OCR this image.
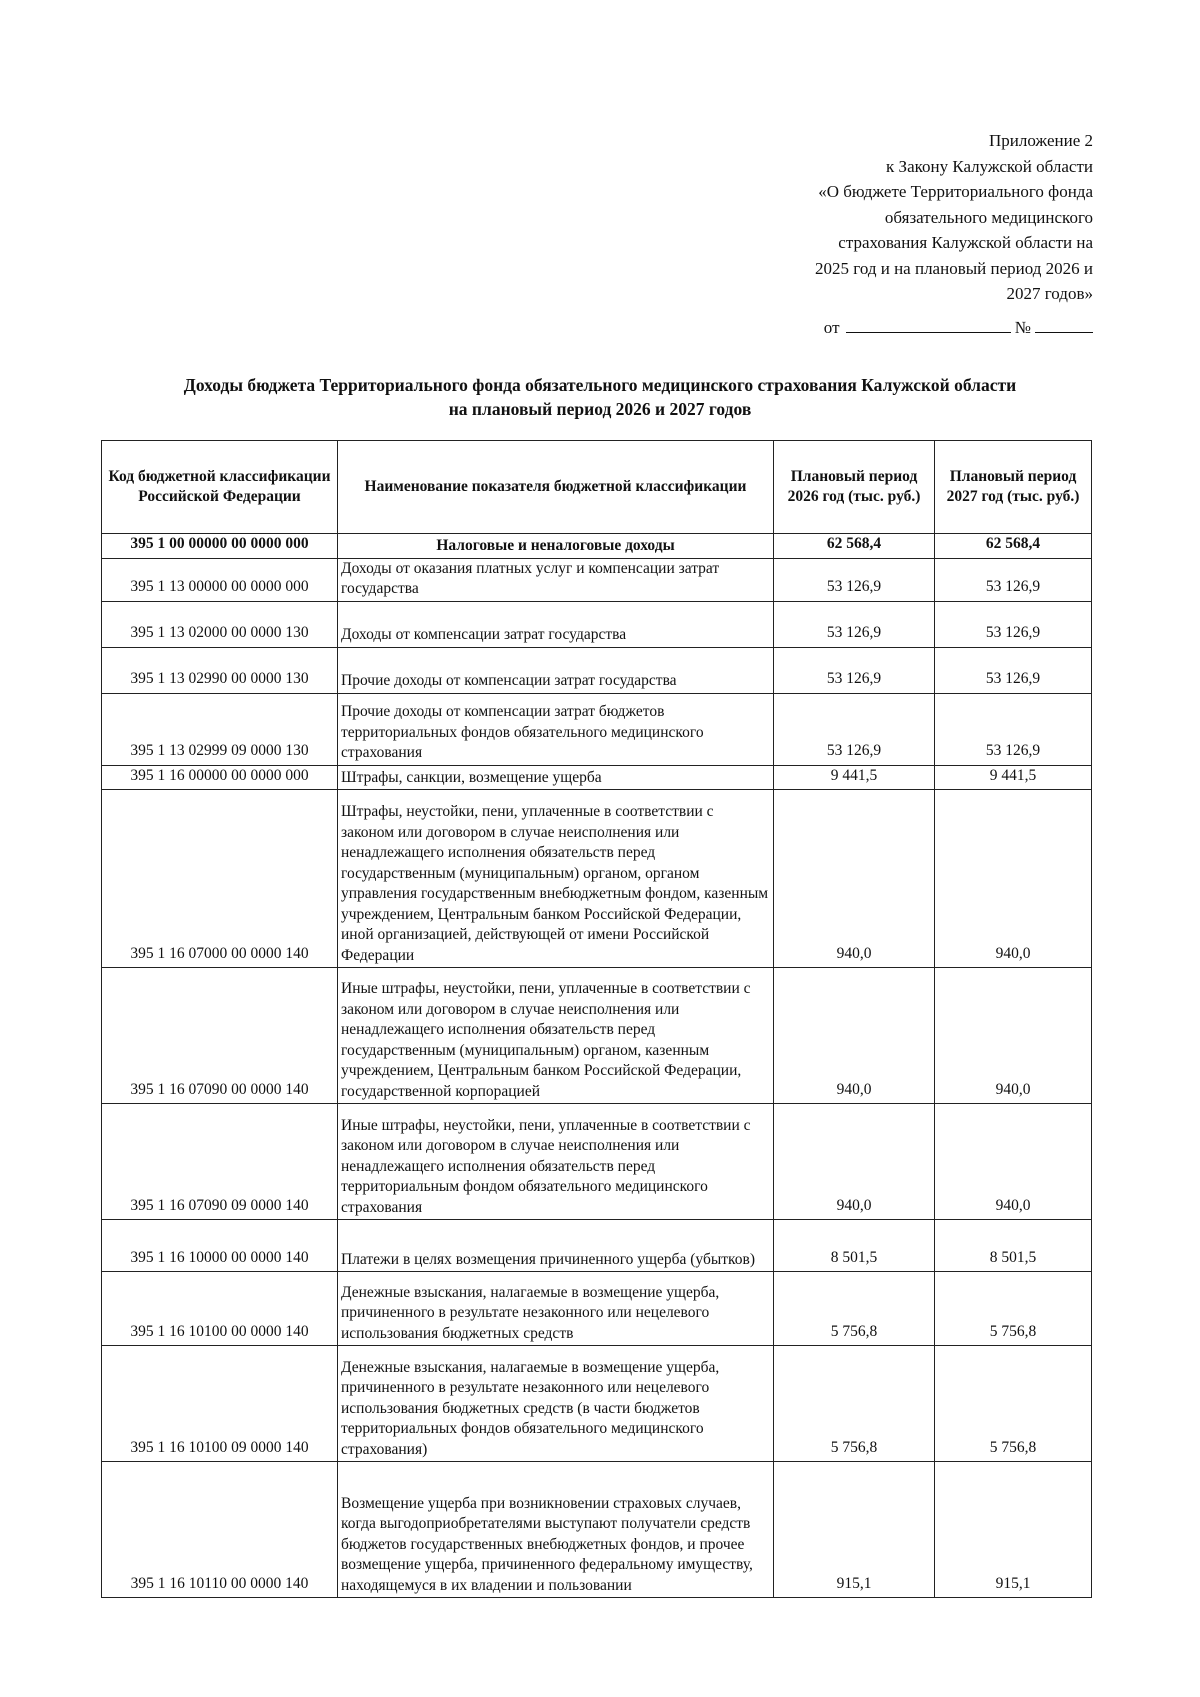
Приложение 2
к Закону Калужской области
«О бюджете Территориального фонда
обязательного медицинского
страхования Калужской области на
2025 год и на плановый период 2026 и
2027 годов»
от	№
Доходы бюджета Территориального фонда обязательного медицинского страхования Калужской области
на плановый период 2026 и 2027 годов
Код бюджетной классификации Российской Федерации	Наименование показателя бюджетной классификации	Плановый период 2026 год (тыс. руб.)	Плановый период 2027 год (тыс. руб.)
395 1 00 00000 00 0000 000	Налоговые и неналоговые доходы	62 568,4	62 568,4
395 1 13 00000 00 0000 000	Доходы от оказания платных услуг и компенсации затрат государства	53 126,9	53 126,9
395 1 13 02000 00 0000 130	Доходы от компенсации затрат государства	53 126,9	53 126,9
395 1 13 02990 00 0000 130	Прочие доходы от компенсации затрат государства	53 126,9	53 126,9
395 1 13 02999 09 0000 130	Прочие доходы от компенсации затрат бюджетов территориальных фондов обязательного медицинского страхования	53 126,9	53 126,9
395 1 16 00000 00 0000 000	Штрафы, санкции, возмещение ущерба	9 441,5	9 441,5
395 1 16 07000 00 0000 140	Штрафы, неустойки, пени, уплаченные в соответствии с законом или договором в случае неисполнения или ненадлежащего исполнения обязательств перед государственным (муниципальным) органом, органом управления государственным внебюджетным фондом, казенным учреждением, Центральным банком Российской Федерации, иной организацией, действующей от имени Российской Федерации	940,0	940,0
395 1 16 07090 00 0000 140	Иные штрафы, неустойки, пени, уплаченные в соответствии с законом или договором в случае неисполнения или ненадлежащего исполнения обязательств перед государственным (муниципальным) органом, казенным учреждением, Центральным банком Российской Федерации, государственной корпорацией	940,0	940,0
395 1 16 07090 09 0000 140	Иные штрафы, неустойки, пени, уплаченные в соответствии с законом или договором в случае неисполнения или ненадлежащего исполнения обязательств перед территориальным фондом обязательного медицинского страхования	940,0	940,0
395 1 16 10000 00 0000 140	Платежи в целях возмещения причиненного ущерба (убытков)	8 501,5	8 501,5
395 1 16 10100 00 0000 140	Денежные взыскания, налагаемые в возмещение ущерба, причиненного в результате незаконного или нецелевого использования бюджетных средств	5 756,8	5 756,8
395 1 16 10100 09 0000 140	Денежные взыскания, налагаемые в возмещение ущерба, причиненного в результате незаконного или нецелевого использования бюджетных средств (в части бюджетов территориальных фондов обязательного медицинского страхования)	5 756,8	5 756,8
395 1 16 10110 00 0000 140	Возмещение ущерба при возникновении страховых случаев, когда выгодоприобретателями выступают получатели средств бюджетов государственных внебюджетных фондов, и прочее возмещение ущерба, причиненного федеральному имуществу, находящемуся в их владении и пользовании	915,1	915,1
